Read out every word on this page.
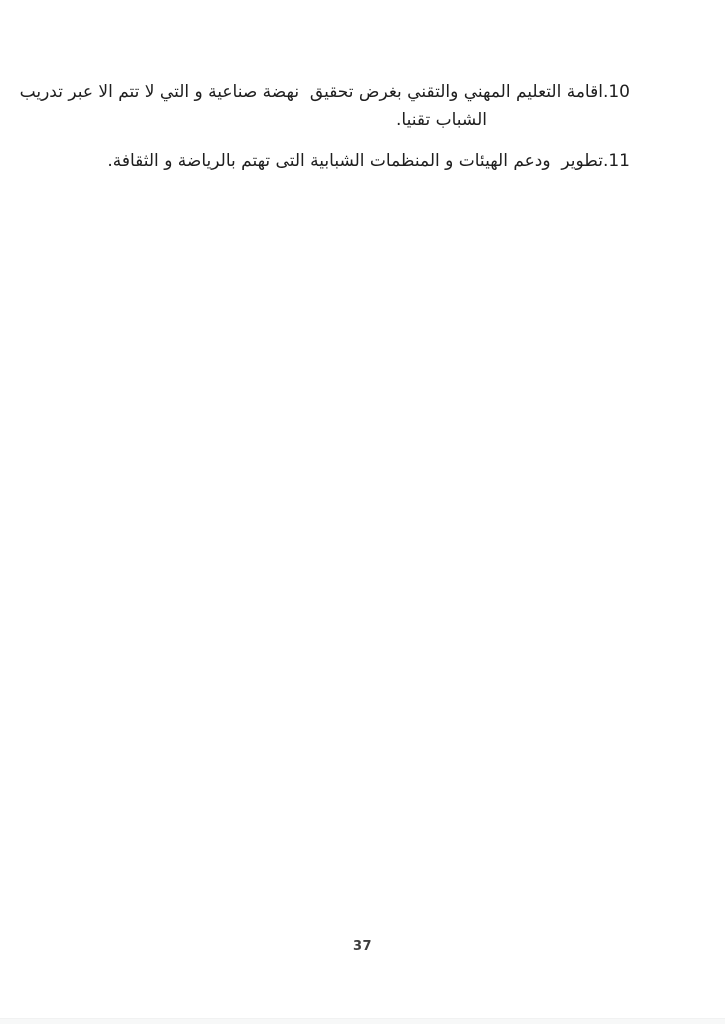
10.اقامة التعليم المهني والتقني بغرض تحقيق  نهضة صناعية و التي لا تتم الا عبر تدريب
الشباب تقنيا.
11.تطوير  ودعم الهيئات و المنظمات الشبابية التى تهتم بالرياضة و الثقافة.
37
